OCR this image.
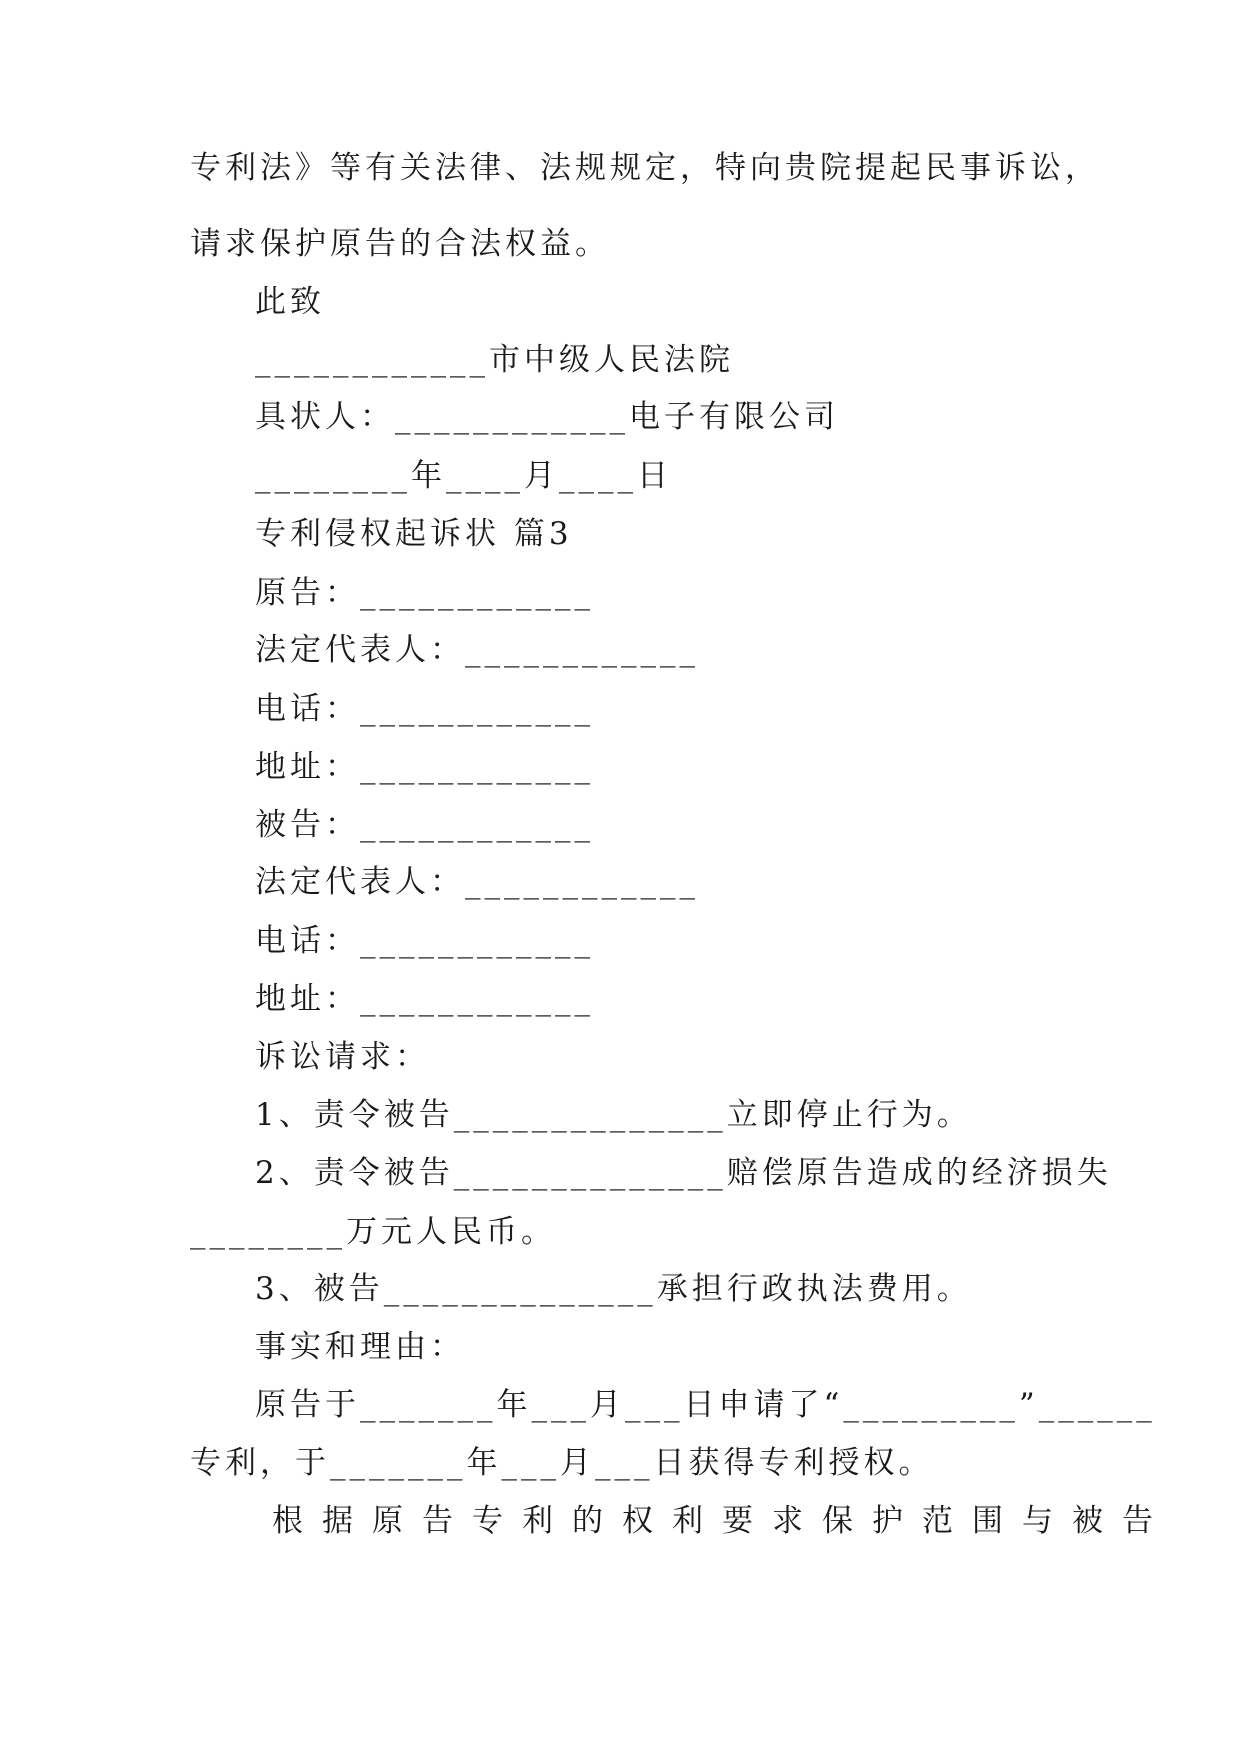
专利法》等有关法律、法规规定，特向贵院提起民事诉讼，
请求保护原告的合法权益。
此致
____________市中级人民法院
具状人：____________电子有限公司
________年____月____日
专利侵权起诉状 篇3
原告：____________
法定代表人：____________
电话：____________
地址：____________
被告：____________
法定代表人：____________
电话：____________
地址：____________
诉讼请求：
1、责令被告______________立即停止行为。
2、责令被告______________赔偿原告造成的经济损失
________万元人民币。
3、被告______________承担行政执法费用。
事实和理由：
原告于_______年___月___日申请了“_________”______
专利，于_______年___月___日获得专利授权。
根据原告专利的权利要求保护范围与被告
